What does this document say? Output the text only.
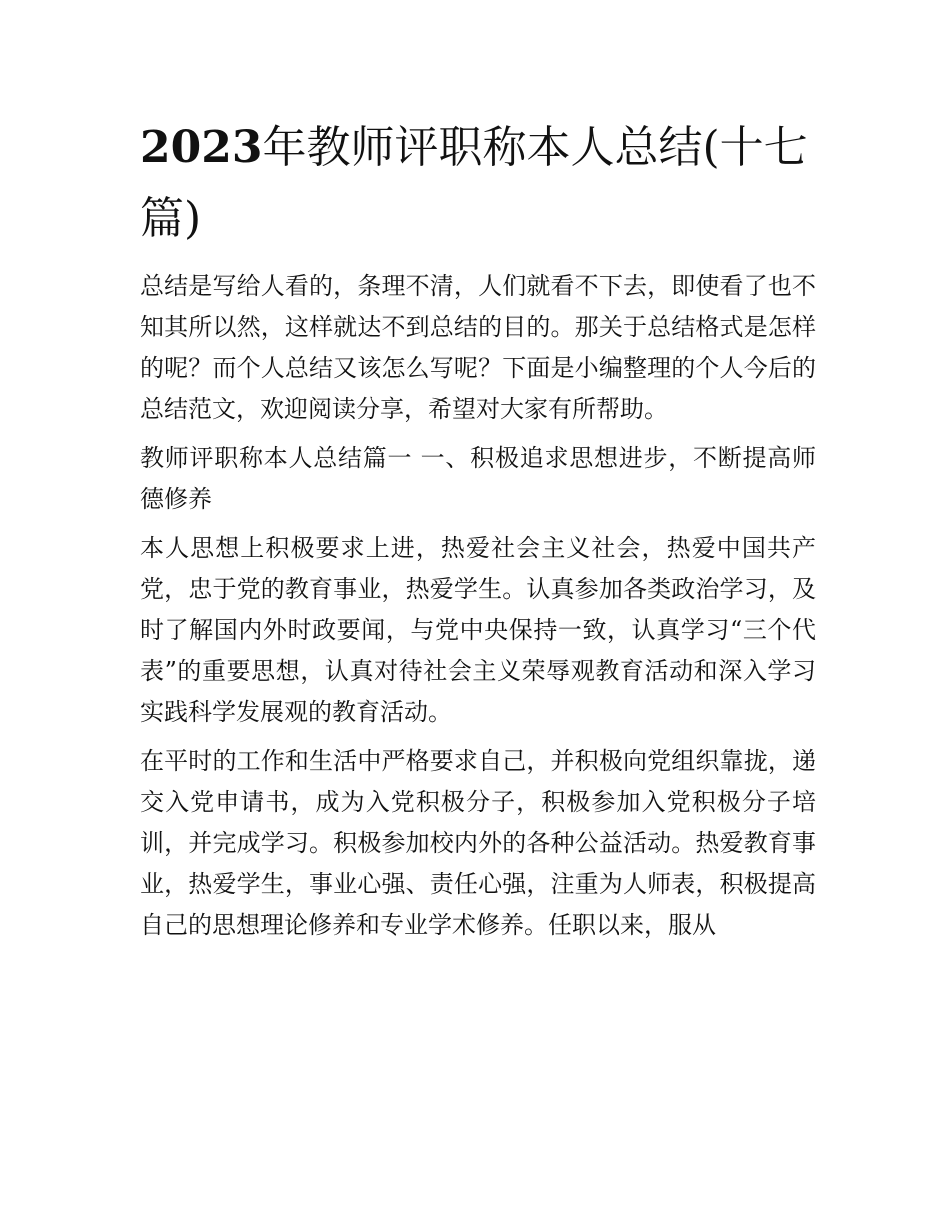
2023年教师评职称本人总结(十七篇)

总结是写给人看的，条理不清，人们就看不下去，即使看了也不知其所以然，这样就达不到总结的目的。那关于总结格式是怎样的呢？而个人总结又该怎么写呢？下面是小编整理的个人今后的总结范文，欢迎阅读分享，希望对大家有所帮助。

教师评职称本人总结篇一 一、积极追求思想进步，不断提高师德修养

本人思想上积极要求上进，热爱社会主义社会，热爱中国共产党，忠于党的教育事业，热爱学生。认真参加各类政治学习，及时了解国内外时政要闻，与党中央保持一致，认真学习“三个代表”的重要思想，认真对待社会主义荣辱观教育活动和深入学习实践科学发展观的教育活动。

在平时的工作和生活中严格要求自己，并积极向党组织靠拢，递交入党申请书，成为入党积极分子，积极参加入党积极分子培训，并完成学习。积极参加校内外的各种公益活动。热爱教育事业，热爱学生，事业心强、责任心强，注重为人师表，积极提高自己的思想理论修养和专业学术修养。任职以来，服从
